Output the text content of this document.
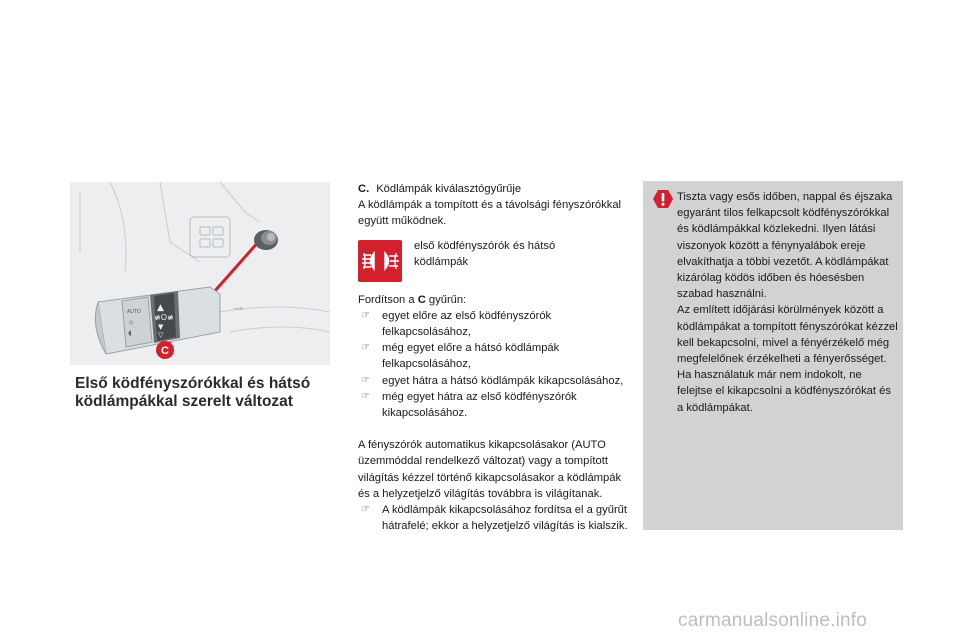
⊸≡
▲
≢O≢
▼
▽
AUTO
☼
◖
C
Első ködfényszórókkal és hátsó ködlámpákkal szerelt változat
C. Ködlámpák kiválasztógyűrűje
A ködlámpák a tompított és a távolsági fényszórókkal együtt működnek.
első ködfényszórók és hátsó ködlámpák
Fordítson a C gyűrűn:
☞ egyet előre az első ködfényszórók felkapcsolásához,
☞ még egyet előre a hátsó ködlámpák felkapcsolásához,
☞ egyet hátra a hátsó ködlámpák kikapcsolásához,
☞ még egyet hátra az első ködfényszórók kikapcsolásához.
A fényszórók automatikus kikapcsolásakor (AUTO üzemmóddal rendelkező változat) vagy a tompított világítás kézzel történő kikapcsolásakor a ködlámpák és a helyzetjelző világítás továbbra is világítanak.
☞ A ködlámpák kikapcsolásához fordítsa el a gyűrűt hátrafelé; ekkor a helyzetjelző világítás is kialszik.
Tiszta vagy esős időben, nappal és éjszaka egyaránt tilos felkapcsolt ködfényszórókkal és ködlámpákkal közlekedni. Ilyen látási viszonyok között a fénynyalábok ereje elvakíthatja a többi vezetőt. A ködlámpákat kizárólag ködös időben és hóesésben szabad használni.
Az említett időjárási körülmények között a ködlámpákat a tompított fényszórókat kézzel kell bekapcsolni, mivel a fényérzékelő még megfelelőnek érzékelheti a fényerősséget.
Ha használatuk már nem indokolt, ne felejtse el kikapcsolni a ködfényszórókat és a ködlámpákat.
carmanualsonline.info
